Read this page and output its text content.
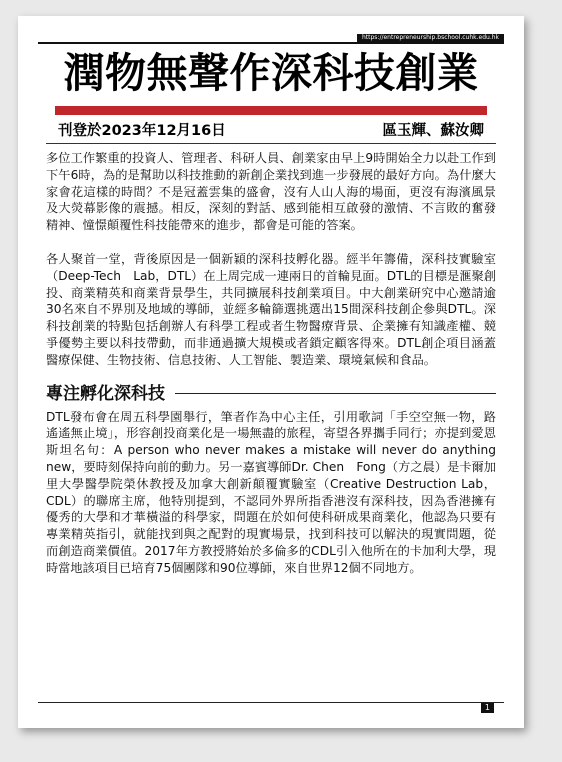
https://entrepreneurship.bschool.cuhk.edu.hk
潤物無聲作深科技創業
刊登於2023年12月16日	區玉輝、蘇汝卿

多位工作繁重的投資人、管理者、科研人員、創業家由早上9時開始全力以赴工作到下午6時，為的是幫助以科技推動的新創企業找到進一步發展的最好方向。為什麼大家會花這樣的時間？不是冠蓋雲集的盛會，沒有人山人海的場面，更沒有海濱風景及大熒幕影像的震撼。相反，深刻的對話、感到能相互啟發的激情、不言敗的奮發精神、憧憬顛覆性科技能帶來的進步，都會是可能的答案。

各人聚首一堂，背後原因是一個新穎的深科技孵化器。經半年籌備，深科技實驗室（Deep-Tech　Lab，DTL）在上周完成一連兩日的首輪見面。DTL的目標是滙聚創投、商業精英和商業背景學生，共同擴展科技創業項目。中大創業研究中心邀請逾30名來自不界別及地域的導師，並經多輪篩選挑選出15間深科技創企參與DTL。深科技創業的特點包括創辦人有科學工程或者生物醫療背景、企業擁有知識產權、競爭優勢主要以科技帶動，而非通過擴大規模或者鎖定顧客得來。DTL創企項目涵蓋醫療保健、生物技術、信息技術、人工智能、製造業、環境氣候和食品。

專注孵化深科技

DTL發布會在周五科學園舉行，筆者作為中心主任，引用歌詞「手空空無一物，路遙遙無止境」，形容創投商業化是一場無盡的旅程，寄望各界攜手同行；亦提到愛恩斯坦名句：A person who never makes a mistake will never do anything new，要時刻保持向前的動力。另一嘉賓導師Dr. Chen　Fong（方之晨）是卡爾加里大學醫學院榮休教授及加拿大創新顛覆實驗室（Creative Destruction Lab，CDL）的聯席主席，他特別提到，不認同外界所指香港沒有深科技，因為香港擁有優秀的大學和才華橫溢的科學家，問題在於如何使科研成果商業化，他認為只要有專業精英指引，就能找到與之配對的現實場景，找到科技可以解決的現實問題，從而創造商業價值。2017年方教授將始於多倫多的CDL引入他所在的卡加利大學，現時當地該項目已培育75個團隊和90位導師，來自世界12個不同地方。

1
